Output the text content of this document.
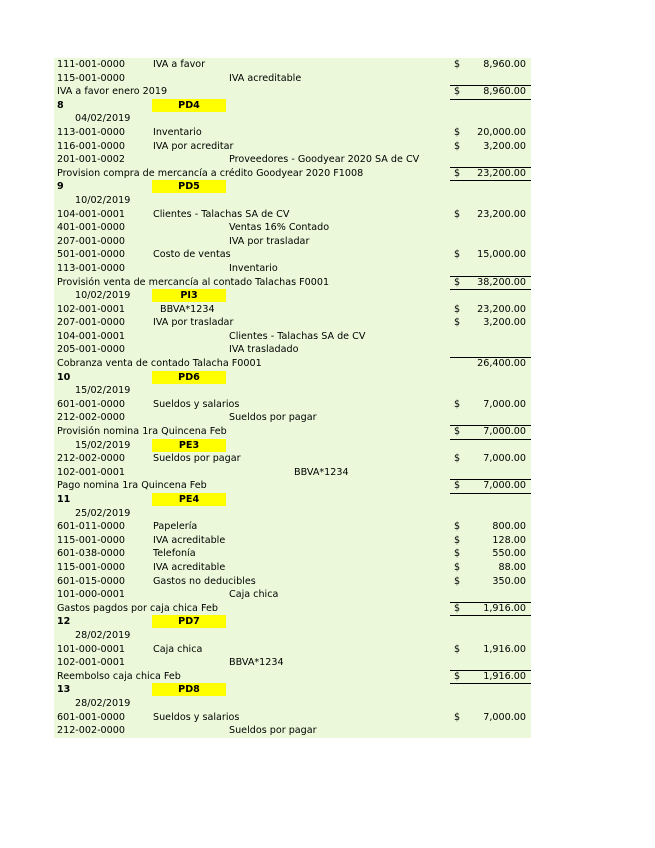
111-001-0000	IVA a favor	$ 8,960.00
115-001-0000	IVA acreditable
IVA a favor enero 2019	$ 8,960.00
8	PD4
04/02/2019
113-001-0000	Inventario	$ 20,000.00
116-001-0000	IVA por acreditar	$ 3,200.00
201-001-0002	Proveedores - Goodyear 2020 SA de CV
Provision compra de mercancía a crédito Goodyear 2020 F1008	$ 23,200.00
9	PD5
10/02/2019
104-001-0001	Clientes - Talachas SA de CV	$ 23,200.00
401-001-0000	Ventas 16% Contado
207-001-0000	IVA por trasladar
501-001-0000	Costo de ventas	$ 15,000.00
113-001-0000	Inventario
Provisión venta de mercancía al contado Talachas F0001	$ 38,200.00
10/02/2019	PI3
102-001-0001	BBVA*1234	$ 23,200.00
207-001-0000	IVA por trasladar	$ 3,200.00
104-001-0001	Clientes - Talachas SA de CV
205-001-0000	IVA trasladado
Cobranza venta de contado Talacha F0001	26,400.00
10	PD6
15/02/2019
601-001-0000	Sueldos y salarios	$ 7,000.00
212-002-0000	Sueldos por pagar
Provisión nomina 1ra Quincena Feb	$ 7,000.00
15/02/2019	PE3
212-002-0000	Sueldos por pagar	$ 7,000.00
102-001-0001	BBVA*1234
Pago nomina 1ra Quincena Feb	$ 7,000.00
11	PE4
25/02/2019
601-011-0000	Papelería	$	800.00
115-001-0000	IVA acreditable	$	128.00
601-038-0000	Telefonía	$	550.00
115-001-0000	IVA acreditable	$	88.00
601-015-0000	Gastos no deducibles	$	350.00
101-000-0001	Caja chica
Gastos pagdos por caja chica Feb	$ 1,916.00
12	PD7
28/02/2019
101-000-0001	Caja chica	$ 1,916.00
102-001-0001	BBVA*1234
Reembolso caja chica Feb	$ 1,916.00
13	PD8
28/02/2019
601-001-0000	Sueldos y salarios	$ 7,000.00
212-002-0000	Sueldos por pagar
